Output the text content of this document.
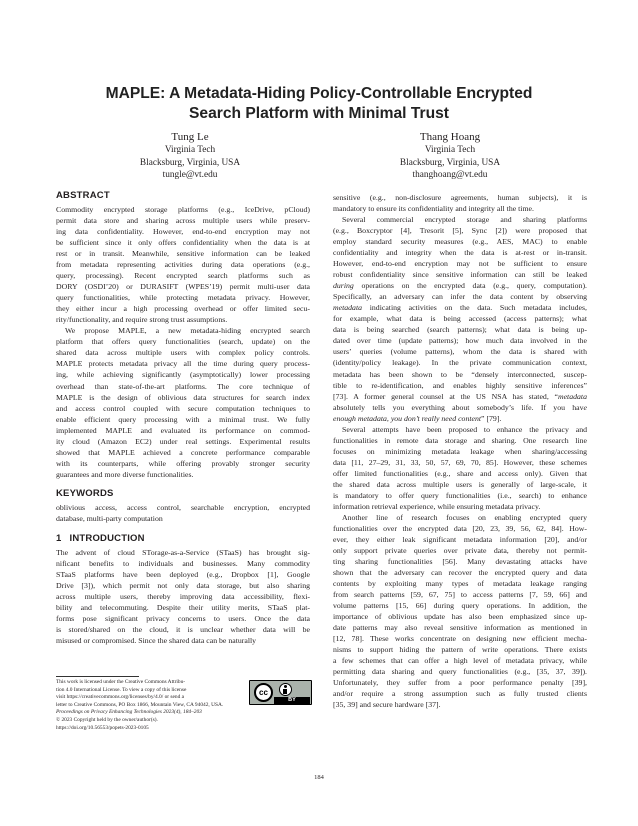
MAPLE: A Metadata-Hiding Policy-Controllable Encrypted
Search Platform with Minimal Trust
Tung Le
Virginia Tech
Blacksburg, Virginia, USA
tungle@vt.edu
Thang Hoang
Virginia Tech
Blacksburg, Virginia, USA
thanghoang@vt.edu
ABSTRACT

Commodity encrypted storage platforms (e.g., IceDrive, pCloud)
permit data store and sharing across multiple users while preserv-
ing data confidentiality. However, end-to-end encryption may not
be sufficient since it only offers confidentiality when the data is at
rest or in transit. Meanwhile, sensitive information can be leaked
from metadata representing activities during data operations (e.g.,
query, processing). Recent encrypted search platforms such as
DORY (OSDI’20) or DURASIFT (WPES’19) permit multi-user data
query functionalities, while protecting metadata privacy. However,
they either incur a high processing overhead or offer limited secu-
rity/functionality, and require strong trust assumptions.

We propose MAPLE, a new metadata-hiding encrypted search
platform that offers query functionalities (search, update) on the
shared data across multiple users with complex policy controls.
MAPLE protects metadata privacy all the time during query process-
ing, while achieving significantly (asymptotically) lower processing
overhead than state-of-the-art platforms. The core technique of
MAPLE is the design of oblivious data structures for search index
and access control coupled with secure computation techniques to
enable efficient query processing with a minimal trust. We fully
implemented MAPLE and evaluated its performance on commod-
ity cloud (Amazon EC2) under real settings. Experimental results
showed that MAPLE achieved a concrete performance comparable
with its counterparts, while offering provably stronger security
guarantees and more diverse functionalities.

KEYWORDS

oblivious access, access control, searchable encryption, encrypted
database, multi-party computation

1 INTRODUCTION

The advent of cloud STorage-as-a-Service (STaaS) has brought sig-
nificant benefits to individuals and businesses. Many commodity
STaaS platforms have been deployed (e.g., Dropbox [1], Google
Drive [3]), which permit not only data storage, but also sharing
across multiple users, thereby improving data accessibility, flexi-
bility and telecommuting. Despite their utility merits, STaaS plat-
forms pose significant privacy concerns to users. Once the data
is stored/shared on the cloud, it is unclear whether data will be
misused or compromised. Since the shared data can be naturally

sensitive (e.g., non-disclosure agreements, human subjects), it is
mandatory to ensure its confidentiality and integrity all the time.

Several commercial encrypted storage and sharing platforms
(e.g., Boxcryptor [4], Tresorit [5], Sync [2]) were proposed that
employ standard security measures (e.g., AES, MAC) to enable
confidentiality and integrity when the data is at-rest or in-transit.
However, end-to-end encryption may not be sufficient to ensure
robust confidentiality since sensitive information can still be leaked
during operations on the encrypted data (e.g., query, computation).
Specifically, an adversary can infer the data content by observing
metadata indicating activities on the data. Such metadata includes,
for example, what data is being accessed (access patterns); what
data is being searched (search patterns); what data is being up-
dated over time (update patterns); how much data involved in the
users’ queries (volume patterns), whom the data is shared with
(identity/policy leakage). In the private communication context,
metadata has been shown to be “densely interconnected, suscep-
tible to re-identification, and enables highly sensitive inferences”
[73]. A former general counsel at the US NSA has stated, “metadata
absolutely tells you everything about somebody’s life. If you have
enough metadata, you don’t really need content” [79].

Several attempts have been proposed to enhance the privacy and
functionalities in remote data storage and sharing. One research line
focuses on minimizing metadata leakage when sharing/accessing
data [11, 27–29, 31, 33, 50, 57, 69, 70, 85]. However, these schemes
offer limited functionalities (e.g., share and access only). Given that
the shared data across multiple users is generally of large-scale, it
is mandatory to offer query functionalities (i.e., search) to enhance
information retrieval experience, while ensuring metadata privacy.

Another line of research focuses on enabling encrypted query
functionalities over the encrypted data [20, 23, 39, 56, 62, 84]. How-
ever, they either leak significant metadata information [20], and/or
only support private queries over private data, thereby not permit-
ting sharing functionalities [56]. Many devastating attacks have
shown that the adversary can recover the encrypted query and data
contents by exploiting many types of metadata leakage ranging
from search patterns [59, 67, 75] to access patterns [7, 59, 66] and
volume patterns [15, 66] during query operations. In addition, the
importance of oblivious update has also been emphasized since up-
date patterns may also reveal sensitive information as mentioned in
[12, 78]. These works concentrate on designing new efficient mecha-
nisms to support hiding the pattern of write operations. There exists
a few schemes that can offer a high level of metadata privacy, while
permitting data sharing and query functionalities (e.g., [35, 37, 39]).
Unfortunately, they suffer from a poor performance penalty [39],
and/or require a strong assumption such as fully trusted clients
[35, 39] and secure hardware [37].

This work is licensed under the Creative Commons Attribu-
tion 4.0 International License. To view a copy of this license
visit https://creativecommons.org/licenses/by/4.0/ or send a
letter to Creative Commons, PO Box 1866, Mountain View, CA 94042, USA.
cc
BY
Proceedings on Privacy Enhancing Technologies 2023(4), 184–203
© 2023 Copyright held by the owner/author(s).
https://doi.org/10.56553/popets-2023-0105
184
